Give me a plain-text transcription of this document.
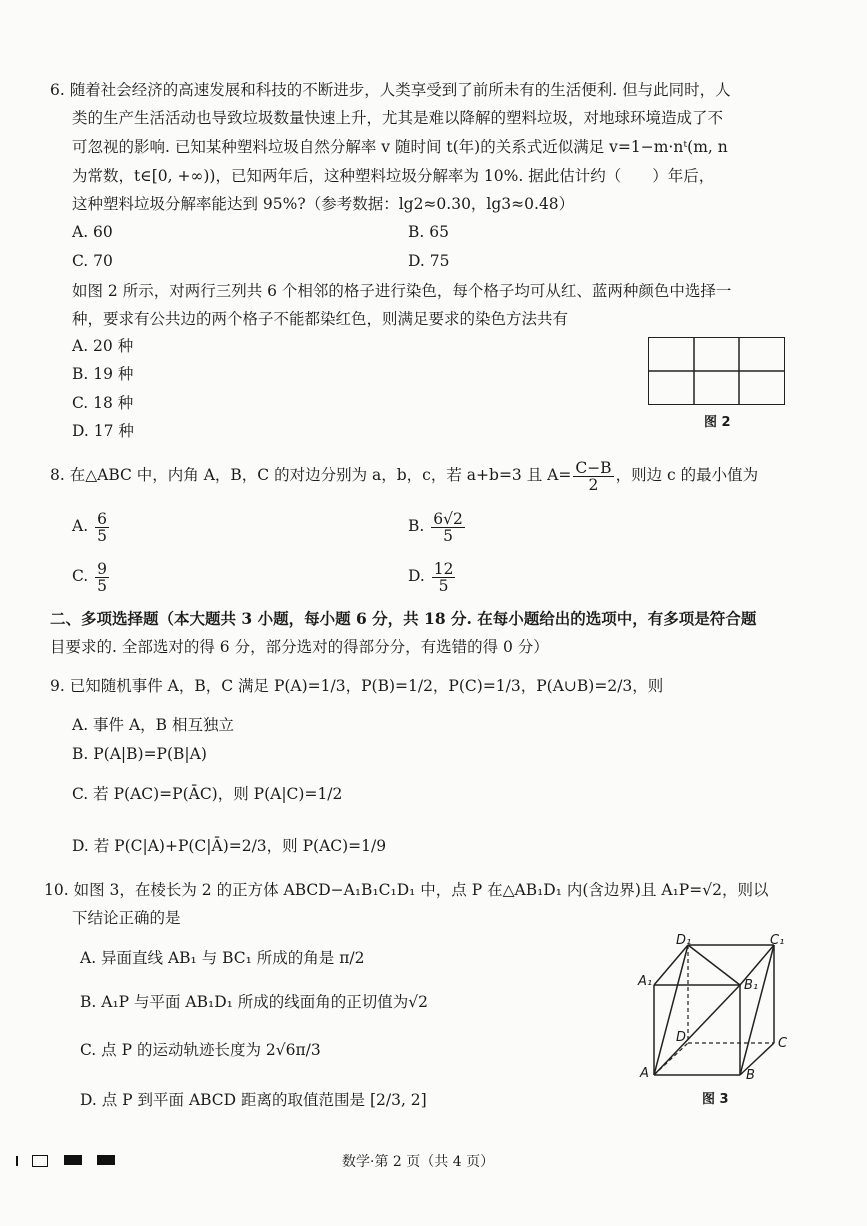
6. 随着社会经济的高速发展和科技的不断进步，人类享受到了前所未有的生活便利. 但与此同时，人
类的生产生活活动也导致垃圾数量快速上升，尤其是难以降解的塑料垃圾，对地球环境造成了不
可忽视的影响. 已知某种塑料垃圾自然分解率 v 随时间 t(年)的关系式近似满足 v=1−m·nᵗ(m, n
为常数，t∈[0, +∞))，已知两年后，这种塑料垃圾分解率为 10%. 据此估计约（　　）年后，
这种塑料垃圾分解率能达到 95%?（参考数据：lg2≈0.30，lg3≈0.48）
A. 60	B. 65
C. 70	D. 75
如图 2 所示，对两行三列共 6 个相邻的格子进行染色，每个格子均可从红、蓝两种颜色中选择一
种，要求有公共边的两个格子不能都染红色，则满足要求的染色方法共有
A. 20 种
B. 19 种
C. 18 种
D. 17 种	图 2
8. 在△ABC 中，内角 A，B，C 的对边分别为 a，b，c，若 a+b=3 且 $A= \frac{C-B}{2}$ ，则边 c 的最小值为
A. $\frac{6}{5}$	B. $\frac{6√2}{5}$
C. $\frac{9}{5}$	D. $\frac{12}{5}$
二、多项选择题（本大题共 3 小题，每小题 6 分，共 18 分. 在每小题给出的选项中，有多项是符合题
目要求的. 全部选对的得 6 分，部分选对的得部分分，有选错的得 0 分）
9. 已知随机事件 A，B，C 满足 P(A)=1/3，P(B)=1/2，P(C)=1/3，P(A∪B)=2/3，则
A. 事件 A，B 相互独立
B. P(A|B)=P(B|A)
C. 若 P(AC)=P(ĀC)，则 P(A|C)=1/2
D. 若 P(C|A)+P(C|Ā)=2/3，则 P(AC)=1/9
10. 如图 3，在棱长为 2 的正方体 ABCD−A₁B₁C₁D₁ 中，点 P 在△AB₁D₁ 内(含边界)且 A₁P=√2，则以
下结论正确的是
A. 异面直线 AB₁ 与 BC₁ 所成的角是 π/2
B. A₁P 与平面 AB₁D₁ 所成的线面角的正切值为√2
C. 点 P 的运动轨迹长度为 2√6π/3
D. 点 P 到平面 ABCD 距离的取值范围是 [2/3, 2]
D₁	C₁
A₁	B₁
D	C
A	B
图 3
数学·第 2 页（共 4 页）
